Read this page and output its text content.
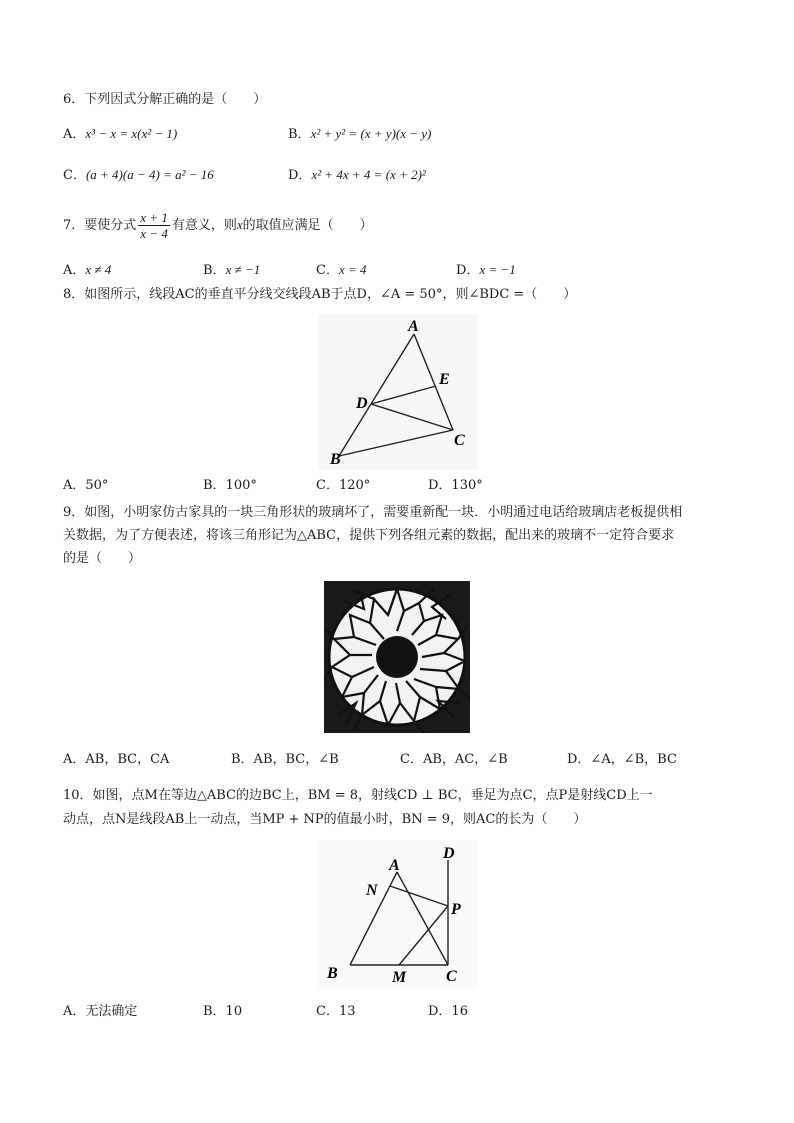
6．下列因式分解正确的是（　　）
A．x³ − x = x(x² − 1)	B．x² + y² = (x + y)(x − y)
C．(a + 4)(a − 4) = a² − 16	D．x² + 4x + 4 = (x + 2)²
7．要使分式 $\frac{x + 1}{x - 4}$ 有意义，则x的取值应满足（　　）
A．x ≠ 4	B．x ≠ −1	C．x = 4	D．x = −1
8．如图所示，线段AC的垂直平分线交线段AB于点D，∠A = 50°，则∠BDC =（　　）
A
E
D
C
B
A．50°	B．100°	C．120°	D．130°
9．如图，小明家仿古家具的一块三角形状的玻璃坏了，需要重新配一块．小明通过电话给玻璃店老板提供相
关数据，为了方便表述，将该三角形记为△ABC，提供下列各组元素的数据，配出来的玻璃不一定符合要求
的是（　　）
A．AB，BC，CA	B．AB，BC，∠B	C．AB，AC，∠B	D．∠A，∠B，BC
10．如图，点M在等边△ABC的边BC上，BM = 8，射线CD ⊥ BC，垂足为点C，点P是射线CD上一
动点，点N是线段AB上一动点，当MP + NP的值最小时，BN = 9，则AC的长为（　　）
A
N
D
P
B	M C
A．无法确定	B．10	C．13	D．16
